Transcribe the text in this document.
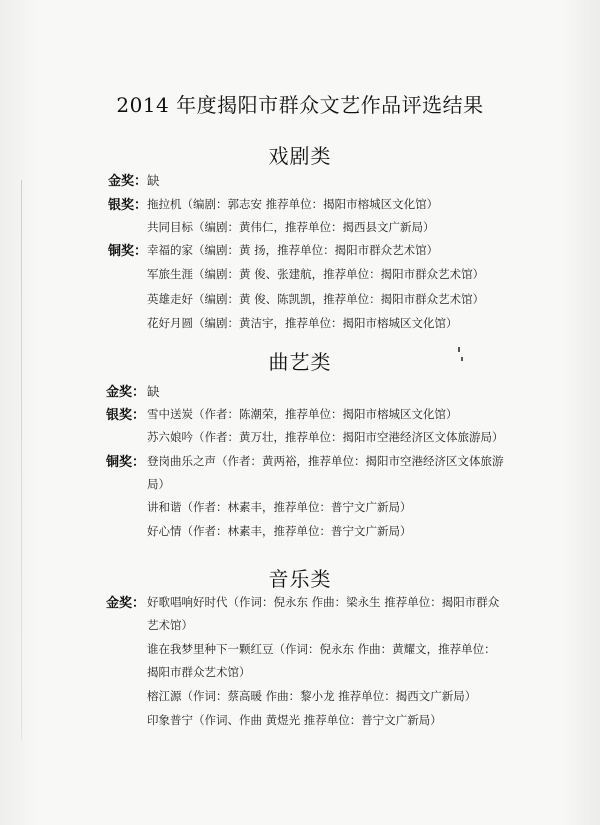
2014 年度揭阳市群众文艺作品评选结果
戏剧类
金奖： 缺
银奖： 拖拉机（编剧：郭志安 推荐单位：揭阳市榕城区文化馆）
共同目标（编剧：黄伟仁，推荐单位：揭西县文广新局）
铜奖： 幸福的家（编剧：黄 扬，推荐单位：揭阳市群众艺术馆）
军旅生涯（编剧：黄 俊、张建航，推荐单位：揭阳市群众艺术馆）
英雄走好（编剧：黄 俊、陈凯凯，推荐单位：揭阳市群众艺术馆）
花好月圆（编剧：黄洁宇，推荐单位：揭阳市榕城区文化馆）
曲艺类
金奖： 缺
银奖： 雪中送炭（作者：陈潮荣，推荐单位：揭阳市榕城区文化馆）
苏六娘吟（作者：黄万壮，推荐单位：揭阳市空港经济区文体旅游局）
铜奖： 登岗曲乐之声（作者：黄两裕，推荐单位：揭阳市空港经济区文体旅游
局）
讲和谐（作者：林素丰，推荐单位：普宁文广新局）
好心情（作者：林素丰，推荐单位：普宁文广新局）
音乐类
金奖： 好歌唱响好时代（作词：倪永东 作曲：梁永生 推荐单位：揭阳市群众
艺术馆）
谁在我梦里种下一颗红豆（作词：倪永东 作曲：黄耀文，推荐单位：
揭阳市群众艺术馆）
榕江源（作词：蔡高暖 作曲：黎小龙 推荐单位：揭西文广新局）
印象普宁（作词、作曲 黄煜光 推荐单位：普宁文广新局）
